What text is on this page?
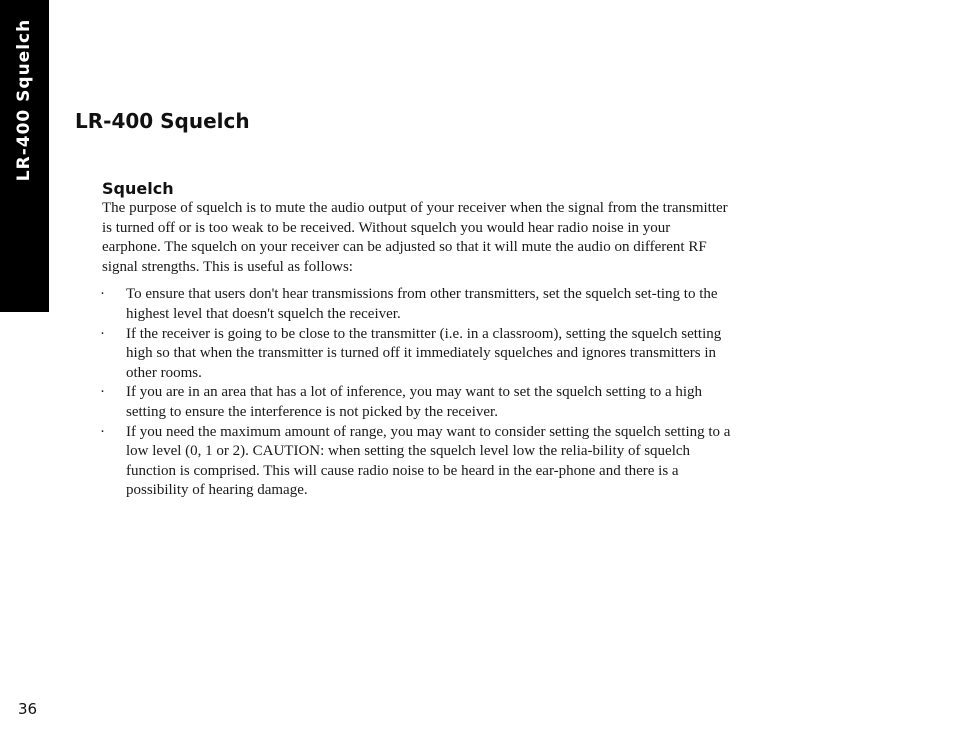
LR-400 Squelch LR-400 Squelch
Squelch

The purpose of squelch is to mute the audio output of your receiver when the signal from the transmitter is turned off or is too weak to be received. Without squelch you would hear radio noise in your earphone. The squelch on your receiver can be adjusted so that it will mute the audio on different RF signal strengths. This is useful as follows:

·	To ensure that users don't hear transmissions from other transmitters, set the squelch set-ting to the highest level that doesn't squelch the receiver.
·	If the receiver is going to be close to the transmitter (i.e. in a classroom), setting the squelch setting high so that when the transmitter is turned off it immediately squelches and ignores transmitters in other rooms.
·	If you are in an area that has a lot of inference, you may want to set the squelch setting to a high setting to ensure the interference is not picked by the receiver.
·	If you need the maximum amount of range, you may want to consider setting the squelch setting to a low level (0, 1 or 2). CAUTION: when setting the squelch level low the relia-bility of squelch function is comprised. This will cause radio noise to be heard in the ear-phone and there is a possibility of hearing damage.
36
